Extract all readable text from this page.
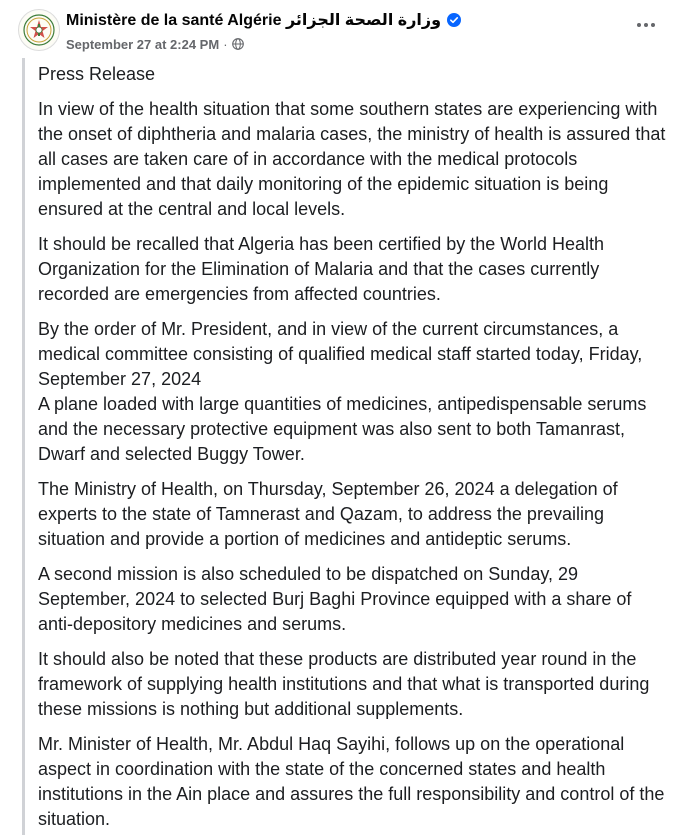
Ministère de la santé Algérie وزارة الصحة الجزائر
September 27 at 2:24 PM ·

Press Release

In view of the health situation that some southern states are experiencing with the onset of diphtheria and malaria cases, the ministry of health is assured that all cases are taken care of in accordance with the medical protocols implemented and that daily monitoring of the epidemic situation is being ensured at the central and local levels.

It should be recalled that Algeria has been certified by the World Health Organization for the Elimination of Malaria and that the cases currently recorded are emergencies from affected countries.

By the order of Mr. President, and in view of the current circumstances, a medical committee consisting of qualified medical staff started today, Friday, September 27, 2024
A plane loaded with large quantities of medicines, antipedispensable serums and the necessary protective equipment was also sent to both Tamanrast, Dwarf and selected Buggy Tower.

The Ministry of Health, on Thursday, September 26, 2024 a delegation of experts to the state of Tamnerast and Qazam, to address the prevailing situation and provide a portion of medicines and antideptic serums.

A second mission is also scheduled to be dispatched on Sunday, 29 September, 2024 to selected Burj Baghi Province equipped with a share of anti-depository medicines and serums.

It should also be noted that these products are distributed year round in the framework of supplying health institutions and that what is transported during these missions is nothing but additional supplements.

Mr. Minister of Health, Mr. Abdul Haq Sayihi, follows up on the operational aspect in coordination with the state of the concerned states and health institutions in the Ain place and assures the full responsibility and control of the situation.
